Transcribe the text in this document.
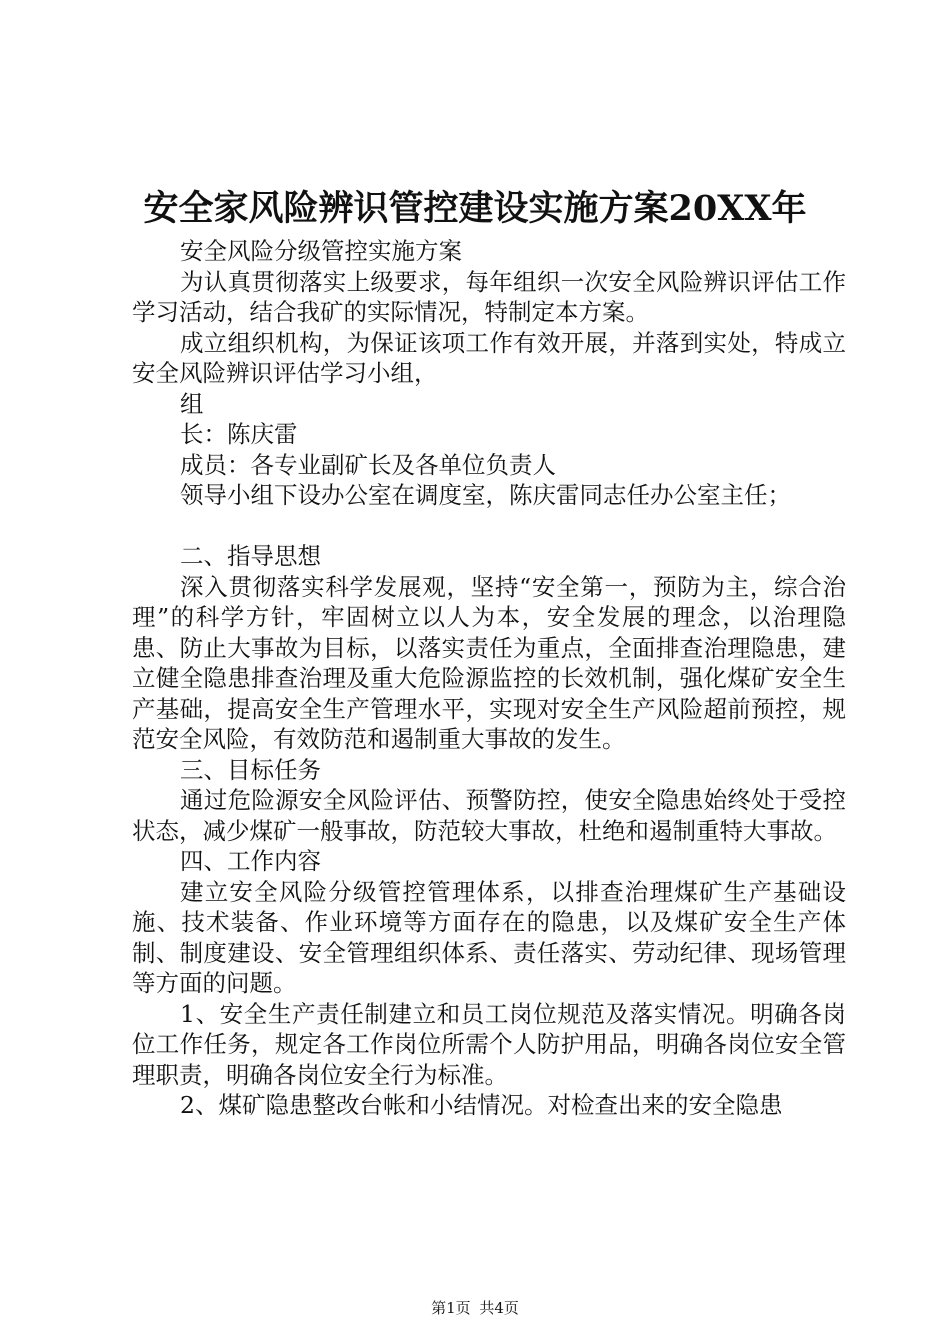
安全家风险辨识管控建设实施方案20XX年

安全风险分级管控实施方案

为认真贯彻落实上级要求，每年组织一次安全风险辨识评估工作学习活动，结合我矿的实际情况，特制定本方案。

成立组织机构，为保证该项工作有效开展，并落到实处，特成立安全风险辨识评估学习小组，

组

长：陈庆雷

成员：各专业副矿长及各单位负责人

领导小组下设办公室在调度室，陈庆雷同志任办公室主任；

二、指导思想

深入贯彻落实科学发展观，坚持“安全第一，预防为主，综合治理”的科学方针，牢固树立以人为本，安全发展的理念，以治理隐患、防止大事故为目标，以落实责任为重点，全面排查治理隐患，建立健全隐患排查治理及重大危险源监控的长效机制，强化煤矿安全生产基础，提高安全生产管理水平，实现对安全生产风险超前预控，规范安全风险，有效防范和遏制重大事故的发生。

三、目标任务

通过危险源安全风险评估、预警防控，使安全隐患始终处于受控状态，减少煤矿一般事故，防范较大事故，杜绝和遏制重特大事故。

四、工作内容

建立安全风险分级管控管理体系，以排查治理煤矿生产基础设施、技术装备、作业环境等方面存在的隐患，以及煤矿安全生产体制、制度建设、安全管理组织体系、责任落实、劳动纪律、现场管理等方面的问题。

1、安全生产责任制建立和员工岗位规范及落实情况。明确各岗位工作任务，规定各工作岗位所需个人防护用品，明确各岗位安全管理职责，明确各岗位安全行为标准。

2、煤矿隐患整改台帐和小结情况。对检查出来的安全隐患

第1页 共4页
